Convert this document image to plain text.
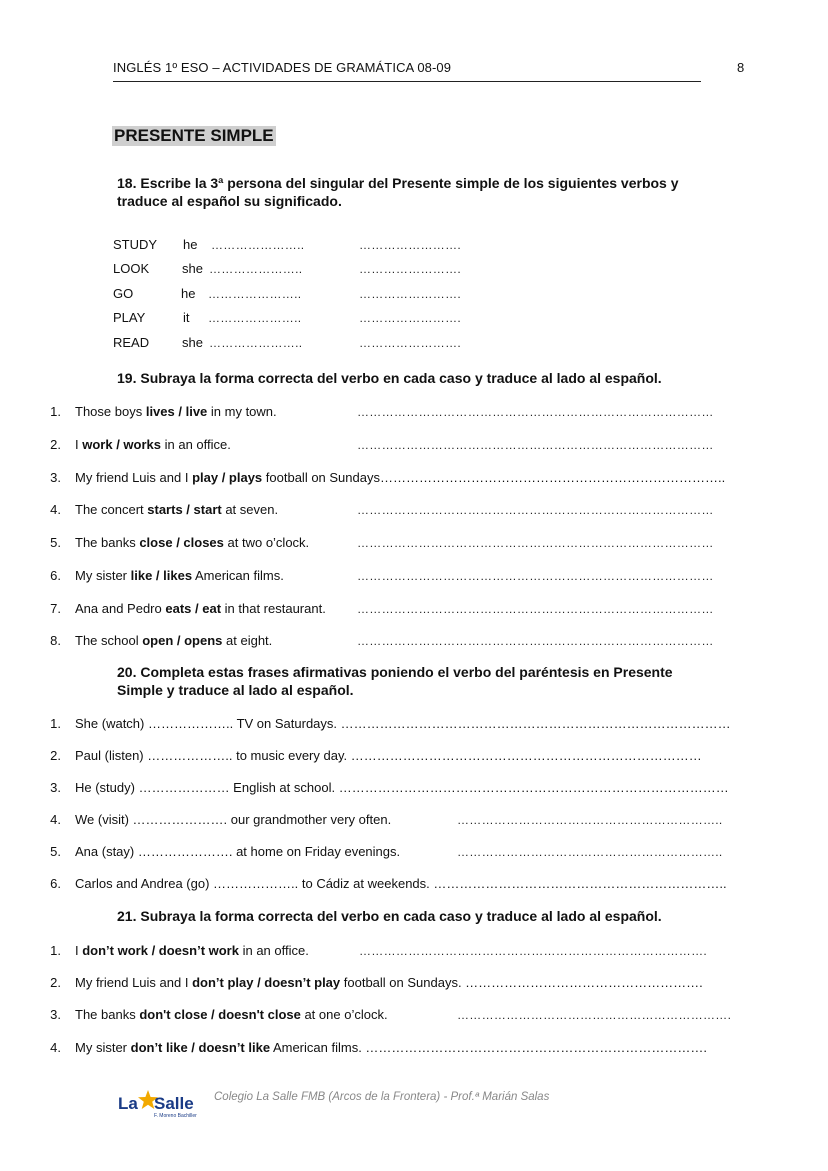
INGLÉS 1º ESO – ACTIVIDADES DE GRAMÁTICA 08-09	8
PRESENTE SIMPLE
18. Escribe la 3ª persona del singular del Presente simple de los siguientes verbos y
traduce al español su significado.
STUDY he …………………..	…………………….
LOOK	she …………………..	…………………….
GO	he …………………..	…………………….
PLAY	it …………………..	…………………….
READ	she …………………..	…………………….
19. Subraya la forma correcta del verbo en cada caso y traduce al lado al español.
1. Those boys lives / live in my town.	……………………………………………………………………………
2. I work / works in an office.	……………………………………………………………………………
3. My friend Luis and I play / plays football on Sundays……………………………………………………………………..
4. The concert starts / start at seven.	……………………………………………………………………………
5. The banks close / closes at two o’clock.	……………………………………………………………………………
6. My sister like / likes American films.	……………………………………………………………………………
7. Ana and Pedro eats / eat in that restaurant.	……………………………………………………………………………
8. The school open / opens at eight.	……………………………………………………………………………
20. Completa estas frases afirmativas poniendo el verbo del paréntesis en Presente
Simple y traduce al lado al español.
1. She (watch) ……………….. TV on Saturdays. ………………………………………………………………………………
2. Paul (listen) ……………….. to music every day. ………………………………………………………………………
3. He (study) ………………… English at school. ………………………………………………………………………………
4. We (visit) …………………. our grandmother very often.	………………………………………………………..
5. Ana (stay) …………………. at home on Friday evenings.	………………………………………………………..
6. Carlos and Andrea (go) ……………….. to Cádiz at weekends. …………………………………………………………..
21. Subraya la forma correcta del verbo en cada caso y traduce al lado al español.
1. I don’t work / doesn’t work in an office.	………………………………………………………………………….
2. My friend Luis and I don’t play / doesn’t play football on Sundays. ……………………………………………….
3. The banks don't close / doesn't close at one o’clock.	………………………………………………………….
4. My sister don’t like / doesn’t like American films. …………………………………………………………………….
La Salle
F. Moreno Bachiller
Colegio La Salle FMB (Arcos de la Frontera) - Prof.ª Marián Salas
